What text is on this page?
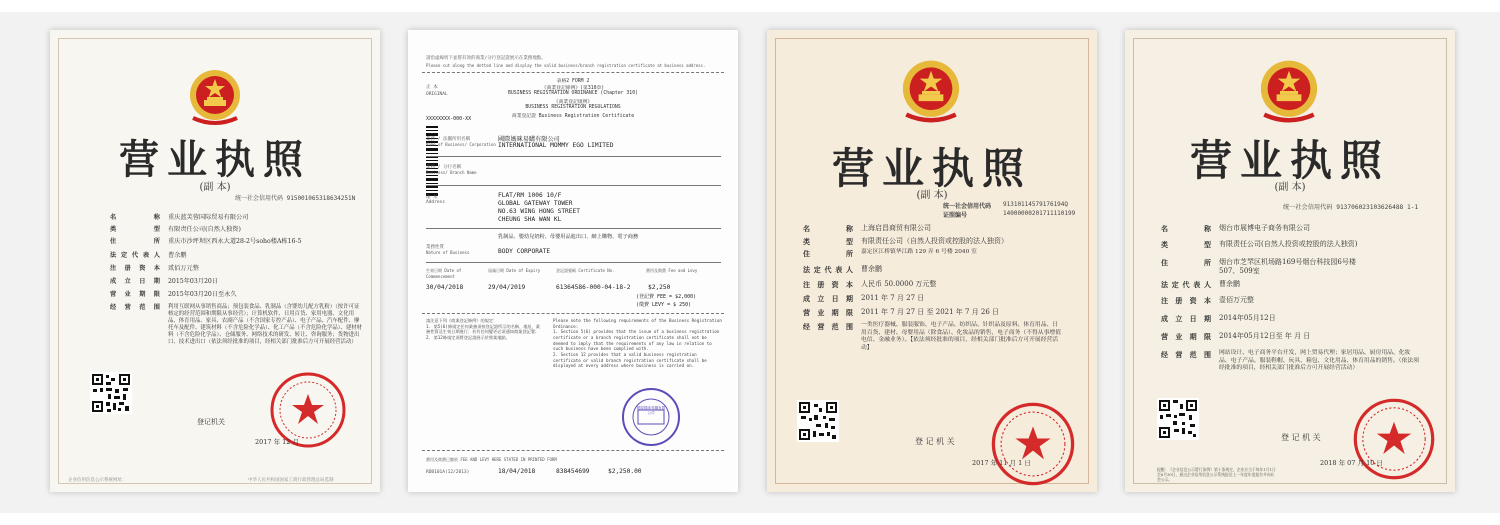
营业执照
(副 本)
统一社会信用代码 915001065318634251N
名 称 重庆蓝芙蓉国际贸易有限公司
类 型 有限责任公司(自然人独资)
住 所 重庆市沙坪坝区西永大道28-2号soho楼A栋16-5
法定代表人 曹余鹏
注册资本 贰佰万元整
成立日期 2015年03月20日
营业期限 2015年03月20日至永久
经营范围 利用互联网从事销售商品；预包装食品、乳制品（含婴幼儿配方乳粉）（按许可证核定的经营范围和期限从事经营）；计算机软件、日用百货、家用电器、文化用品、体育用品、家具、农副产品（不含国家专控产品）、电子产品、汽车配件、摩托车及配件、建筑材料（不含危险化学品）、化工产品（不含危险化学品）、建材材料（不含危险化学品）、仓储服务、网络技术的研发、转让、咨询服务；货物进出口、技术进出口（依法须经批准的项目，经相关部门批准后方可开展经营活动）
登记机关
2017 年 12 月
企业信用信息公示系统网址：	中华人民共和国国家工商行政管理总局监制
請沿虛線剪下並將有效的商業/分行登記證展示在業務地點。
Please cut along the dotted line and display the valid business/branch registration certificate at business address.
正 本
ORIGINAL
表格2 FORM 2
《商業登記條例》(第310章)
BUSINESS REGISTRATION ORDINANCE (Chapter 310)
《商業登記規例》
BUSINESS REGISTRATION REGULATIONS
商業登記證 Business Registration Certificate
XXXXXXXX-000-XX
業務 / 法團所用名稱
Name of Business/ Corporation
國際媽咪易購有限公司
INTERNATIONAL MOMMY EGO LIMITED
業務 / 分行名稱
Business/ Branch Name
地 址
Address
FLAT/RM 1006 10/F
GLOBAL GATEWAY TOWER
NO.63 WING HONG STREET
CHEUNG SHA WAN KL
乳制品、嬰幼兒奶粉、母嬰用品進出口、網上購物、電子商務
業務性質
Nature of Business	BODY CORPORATE
生效日期 Date of Commencement
屆滿日期 Date of Expiry	登記證號碼 Certificate No.	費用及徵費 Fee and Levy
30/04/2018	29/04/2019	61364586-000-04-18-2	$2,250
(登記費 FEE = $2,000)
(徵費 LEVY = $ 250)
請注意下列《商業登記條例》的規定：
1. 第5(6)條規定任何業務須按登記證所示的名稱、地址、業務性質及生效日期進行；若有任何變更必須通知商業登記署；
2. 第12條規定須將登記證展示於營業地點。
Please note the following requirements of the Business Registration Ordinance:
1. Section 5(6) provides that the issue of a business registration certificate or a branch registration certificate shall not be deemed to imply that the requirements of any law in relation to such business have been complied with.
2. Section 12 provides that a valid business registration certificate or valid branch registration certificate shall be displayed at every address where business is carried on.
國際媽咪易購有限公司
費用及徵費已繳收 FEE AND LEVY HERE STATED IN PRINTED FORM
RDB101A(12/2013)	18/04/2018	838454699	$2,250.00
营业执照
(副 本)
统一社会信用代码 91310114579176194Q
证照编号	14000000201711110199
名 称 上海启昌商贸有限公司
类 型 有限责任公司（自然人投资或控股的法人独资）
住 所 嘉定区江桥镇华江路 129 弄 6 号楼 2040 室
法定代表人 曹余鹏
注册资本 人民币 50.0000 万元整
成立日期 2011 年 7 月 27 日
营业期限 2011 年 7 月 27 日 至 2021 年 7 月 26 日
经营范围 一类医疗器械、服装服饰、电子产品、纺织品、针织品及原料、体育用品、日用百货、建材、母婴用品（除食品）、化妆品的销售，电子商务（不得从事增值电信、金融业务）。【依法须经批准的项目，经相关部门批准后方可开展经营活动】
登 记 机 关
2017 年 11 月 1 日
营业执照
(副 本)
统一社会信用代码 913706023103626488 1-1
名 称 烟台市展博电子商务有限公司
类 型 有限责任公司(自然人投资或控股的法人独资)
住 所 烟台市芝罘区机场路169号烟台科技园6号楼507、509室
法定代表人 曹余鹏
注册资本 壹佰万元整
成立日期 2014年05月12日
营业期限 2014年05月12日至 年 月 日
经营范围 网站设计、电子商务平台开发，网上贸易代理；家居用品、厨房用品、化妆品、电子产品、服装鞋帽、玩具、箱包、文化用品、体育用品的销售。（依法须经批准的项目，经相关部门批准后方可开展经营活动）
登 记 机 关
2018 年 07 月 10 日
提醒：《企业信息公示暂行条例》第十条规定，企业应当于每年1月1日至6月30日，通过企业信用信息公示系统报送上一年度年度报告并向社会公示。
